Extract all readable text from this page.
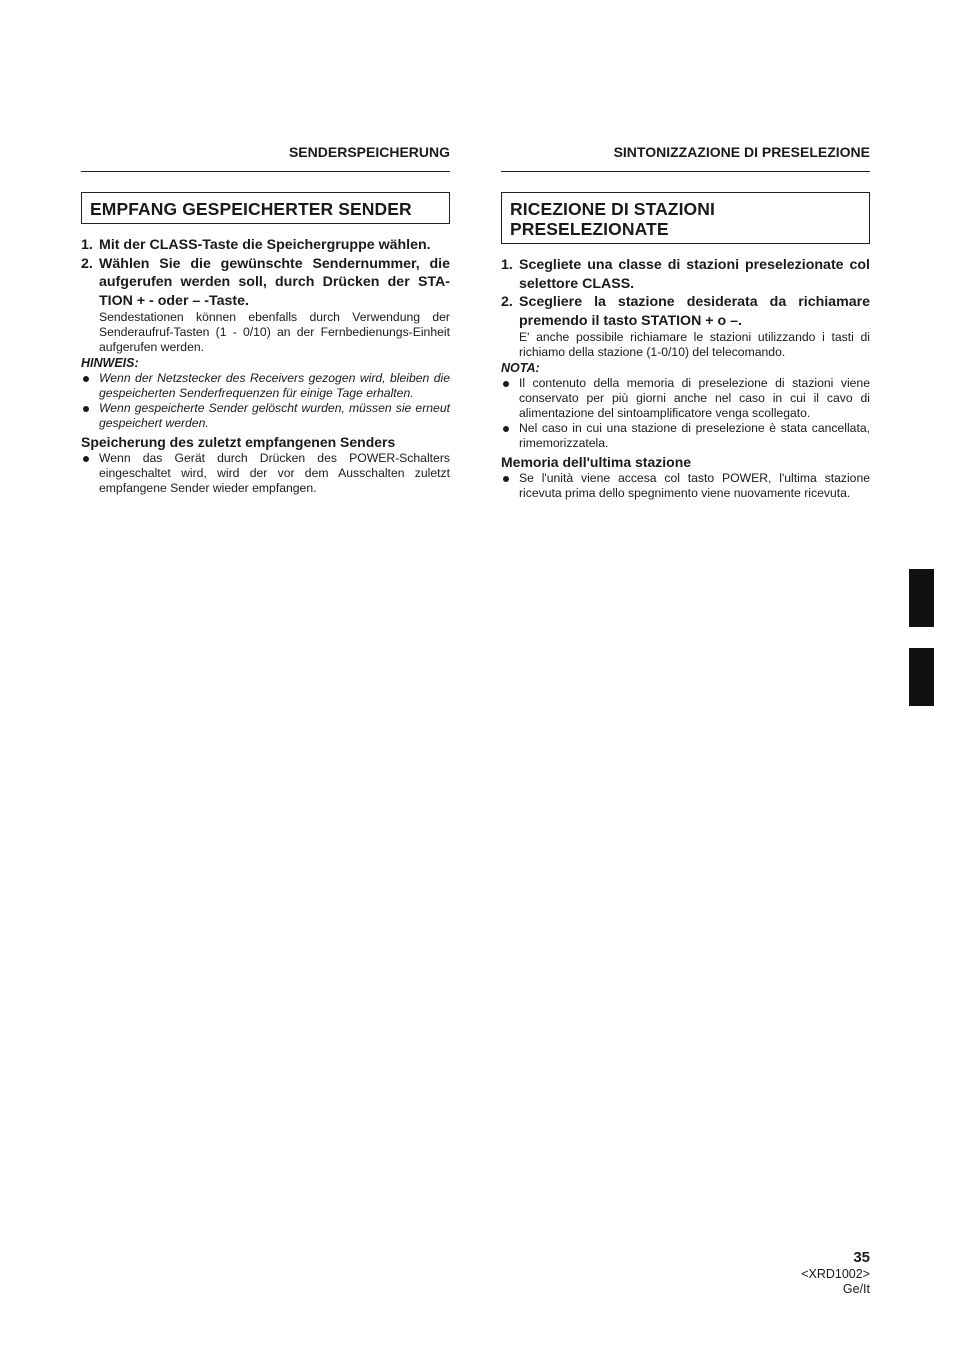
SENDERSPEICHERUNG
EMPFANG GESPEICHERTER SENDER
1. Mit der CLASS-Taste die Speichergruppe wählen.
2. Wählen Sie die gewünschte Sendernummer, die aufgerufen werden soll, durch Drücken der STA-TION + - oder – -Taste.
Sendestationen können ebenfalls durch Verwendung der Senderaufruf-Tasten (1 - 0/10) an der Fernbedienungs-Einheit aufgerufen werden.
HINWEIS:
Wenn der Netzstecker des Receivers gezogen wird, bleiben die gespeicherten Senderfrequenzen für einige Tage erhalten.
Wenn gespeicherte Sender gelöscht wurden, müssen sie erneut gespeichert werden.
Speicherung des zuletzt empfangenen Senders
Wenn das Gerät durch Drücken des POWER-Schalters eingeschaltet wird, wird der vor dem Ausschalten zuletzt empfangene Sender wieder empfangen.
SINTONIZZAZIONE DI PRESELEZIONE
RICEZIONE DI STAZIONI PRESELEZIONATE
1. Scegliete una classe di stazioni preselezionate col selettore CLASS.
2. Scegliere la stazione desiderata da richiamare premendo il tasto STATION + o –.
E' anche possibile richiamare le stazioni utilizzando i tasti di richiamo della stazione (1-0/10) del telecomando.
NOTA:
Il contenuto della memoria di preselezione di stazioni viene conservato per più giorni anche nel caso in cui il cavo di alimentazione del sintoamplificatore venga scollegato.
Nel caso in cui una stazione di preselezione è stata cancellata, rimemorizzatela.
Memoria dell'ultima stazione
Se l'unità viene accesa col tasto POWER, l'ultima stazione ricevuta prima dello spegnimento viene nuovamente ricevuta.
35
<XRD1002>
Ge/It
